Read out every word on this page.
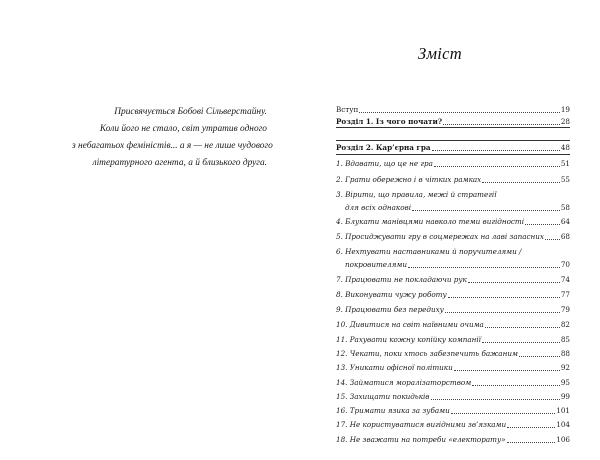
Присвячується Бобові Сільверстайну.
Коли його не стало, світ утратив одного
з небагатьох феміністів... а я — не лише чудового
літературного агента, а й близького друга.
Зміст
Вступ	19
Розділ 1. Із чого почати?	28
Розділ 2. Кар’єрна гра	48
1. Вдавати, що це не гра	51
2. Грати обережно і в чітких рамках	55
3. Вірити, що правила, межі й стратегії
для всіх однакові	58
4. Блукати манівцями навколо теми вигідності	64
5. Просиджувати гру в соцмережах на лаві запасних 68
6. Нехтувати наставниками й поручителями /
покровителями	70
7. Працювати не покладаючи рук	74
8. Виконувати чужу роботу	77
9. Працювати без передиху	79
10. Дивитися на світ наївними очима	82
11. Рахувати кожну копійку компанії	85
12. Чекати, поки хтось забезпечить бажаним	88
13. Уникати офісної політики	92
14. Займатися моралізаторством	95
15. Захищати покидьків	99
16. Тримати язика за зубами	101
17. Не користуватися вигідними зв’язками	104
18. Не зважати на потреби «електорату»	106
